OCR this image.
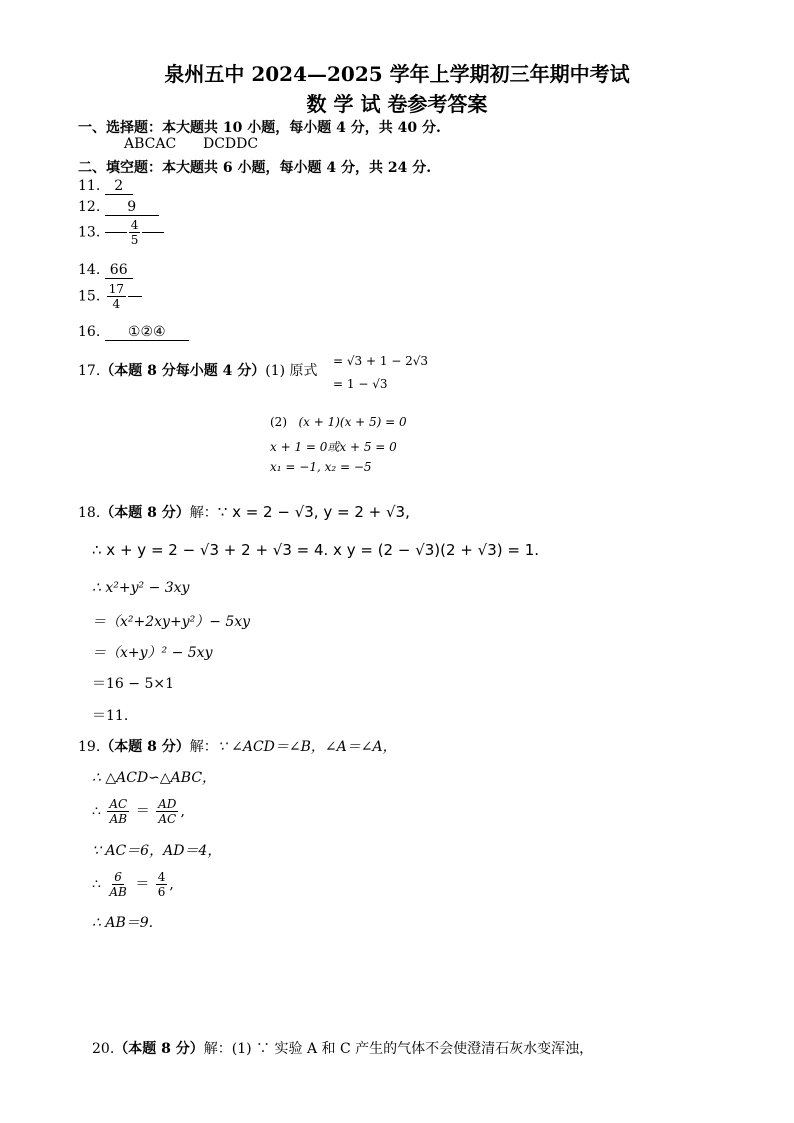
泉州五中 2024—2025 学年上学期初三年期中考试
数 学 试 卷参考答案
一、选择题：本大题共 10 小题，每小题 4 分，共 40 分.
ABCAC DCDDC
二、填空题：本大题共 6 小题，每小题 4 分，共 24 分.
11. 2
12. 9
13. $\frac{4}{5}$
14. 66
15. $\frac{17}{4}$
16. ①②④
17.（本题 8 分每小题 4 分）(1) 原式
= √3 + 1 − 2√3
= 1 − √3
(2) (x + 1)(x + 5) = 0
x + 1 = 0或x + 5 = 0
x₁ = −1, x₂ = −5
18.（本题 8 分）解：∵ x = 2 − √3, y = 2 + √3,
∴ x + y = 2 − √3 + 2 + √3 = 4. x y = (2 − √3)(2 + √3) = 1.
∴ x²+y² − 3xy
＝（x²+2xy+y²）− 5xy
＝（x+y）² − 5xy
＝16 − 5×1
＝11.
19.（本题 8 分）解：∵ ∠ACD＝∠B，∠A＝∠A，
∴ △ACD∽△ABC，
∴ $\frac{AC}{AB} = \frac{AD}{AC}$ ,
∵ AC＝6，AD＝4，
∴ $\frac{6}{AB} = \frac{4}{6}$ ,
∴ AB＝9.
20.（本题 8 分）解：(1) ∵ 实验 A 和 C 产生的气体不会使澄清石灰水变浑浊，
